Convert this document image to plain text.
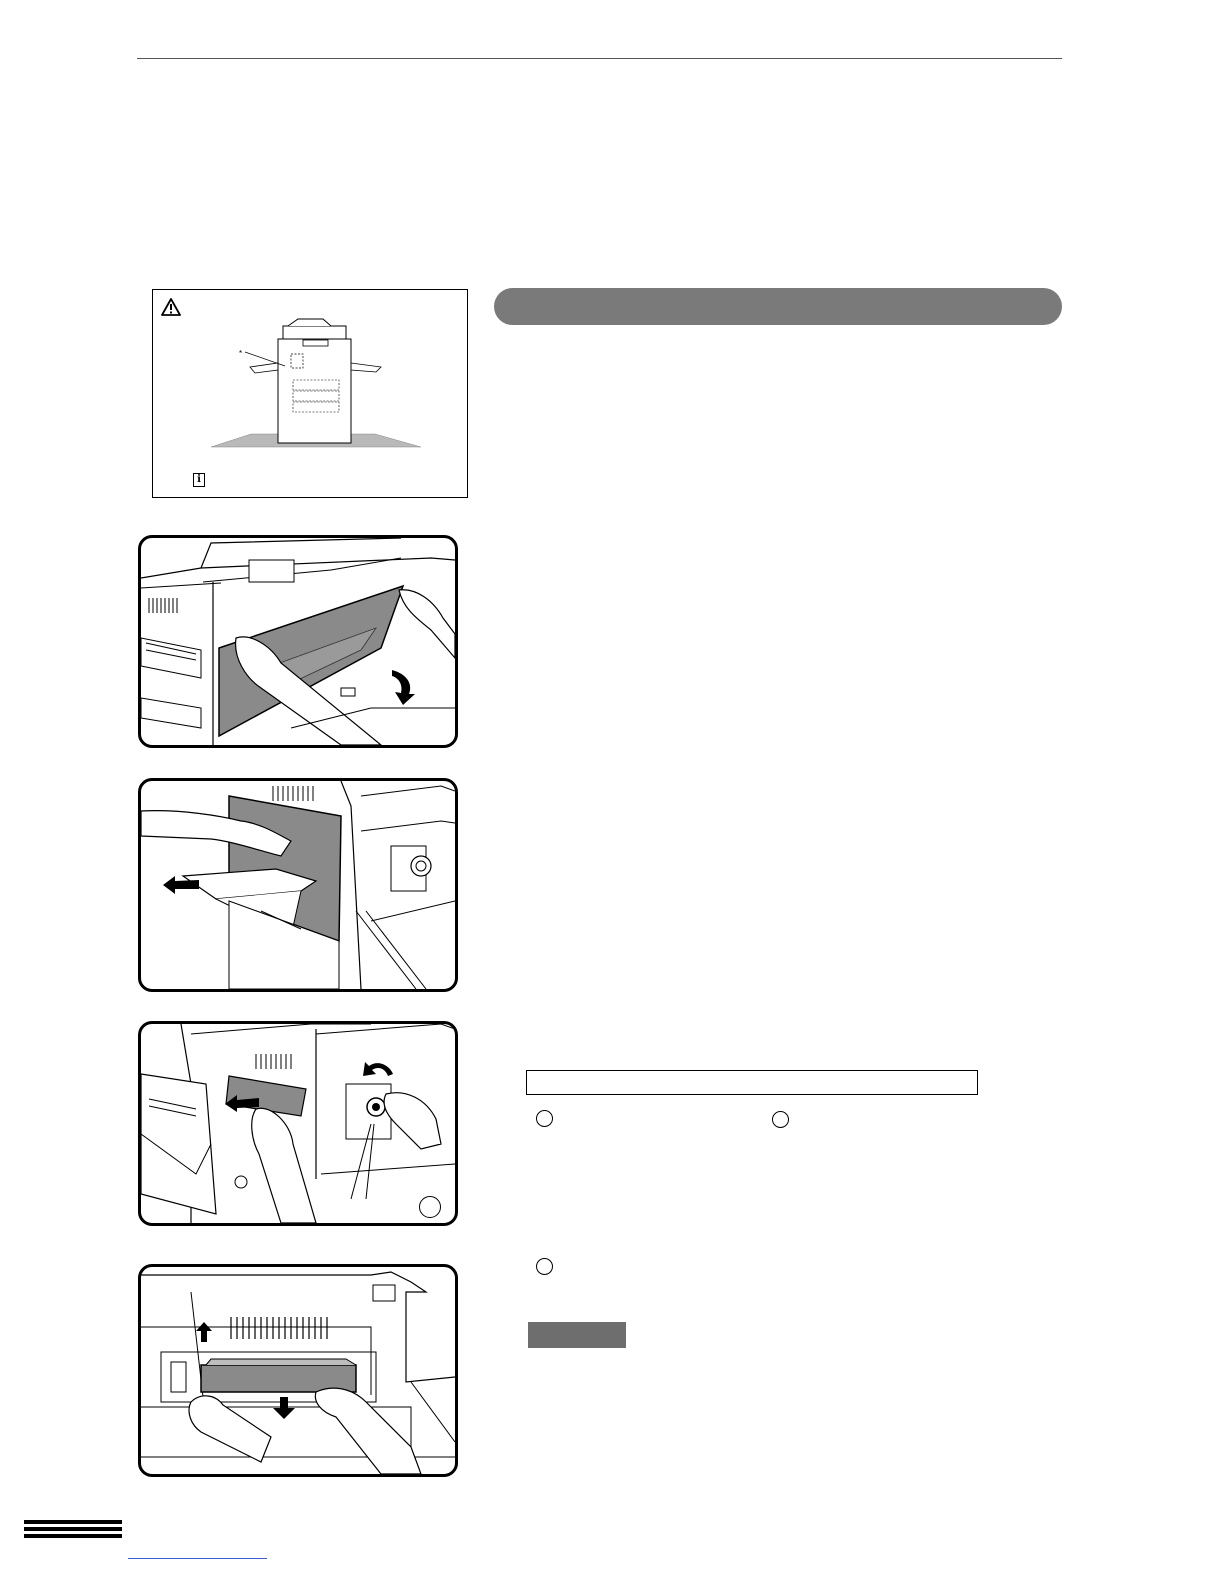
*
i
